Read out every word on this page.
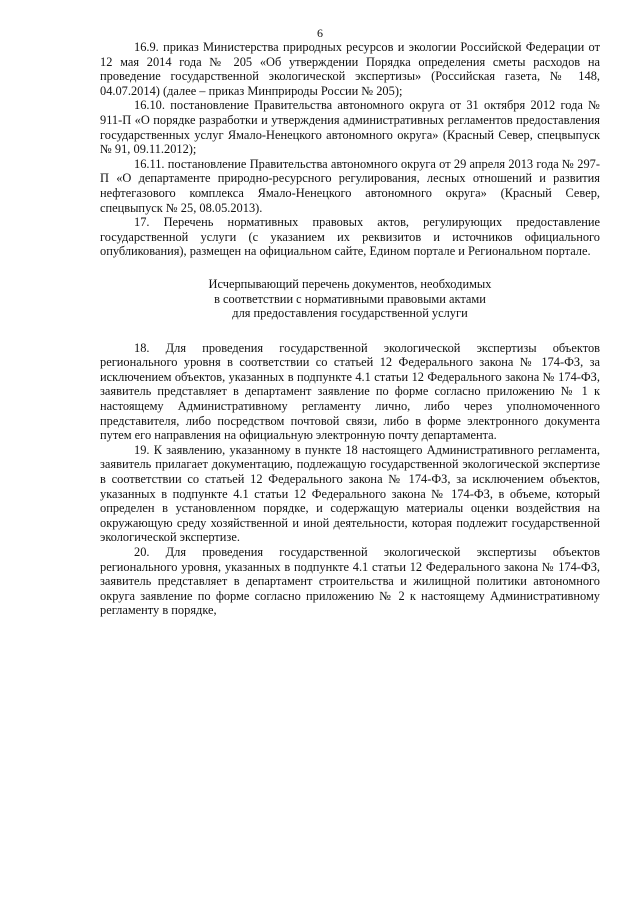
6

16.9. приказ Министерства природных ресурсов и экологии Российской Федерации от 12 мая 2014 года № 205 «Об утверждении Порядка определения сметы расходов на проведение государственной экологической экспертизы» (Российская газета, № 148, 04.07.2014) (далее – приказ Минприроды России № 205);

16.10. постановление Правительства автономного округа от 31 октября 2012 года № 911-П «О порядке разработки и утверждения административных регламентов предоставления государственных услуг Ямало-Ненецкого автономного округа» (Красный Север, спецвыпуск № 91, 09.11.2012);

16.11. постановление Правительства автономного округа от 29 апреля 2013 года № 297-П «О департаменте природно-ресурсного регулирования, лесных отношений и развития нефтегазового комплекса Ямало-Ненецкого автономного округа» (Красный Север, спецвыпуск № 25, 08.05.2013).

17. Перечень нормативных правовых актов, регулирующих предоставление государственной услуги (с указанием их реквизитов и источников официального опубликования), размещен на официальном сайте, Едином портале и Региональном портале.

Исчерпывающий перечень документов, необходимых
в соответствии с нормативными правовыми актами
для предоставления государственной услуги

18. Для проведения государственной экологической экспертизы объектов регионального уровня в соответствии со статьей 12 Федерального закона № 174-ФЗ, за исключением объектов, указанных в подпункте 4.1 статьи 12 Федерального закона № 174-ФЗ, заявитель представляет в департамент заявление по форме согласно приложению № 1 к настоящему Административному регламенту лично, либо через уполномоченного представителя, либо посредством почтовой связи, либо в форме электронного документа путем его направления на официальную электронную почту департамента.

19. К заявлению, указанному в пункте 18 настоящего Административного регламента, заявитель прилагает документацию, подлежащую государственной экологической экспертизе в соответствии со статьей 12 Федерального закона № 174-ФЗ, за исключением объектов, указанных в подпункте 4.1 статьи 12 Федерального закона № 174-ФЗ, в объеме, который определен в установленном порядке, и содержащую материалы оценки воздействия на окружающую среду хозяйственной и иной деятельности, которая подлежит государственной экологической экспертизе.

20. Для проведения государственной экологической экспертизы объектов регионального уровня, указанных в подпункте 4.1 статьи 12 Федерального закона № 174-ФЗ, заявитель представляет в департамент строительства и жилищной политики автономного округа заявление по форме согласно приложению № 2 к настоящему Административному регламенту в порядке,
